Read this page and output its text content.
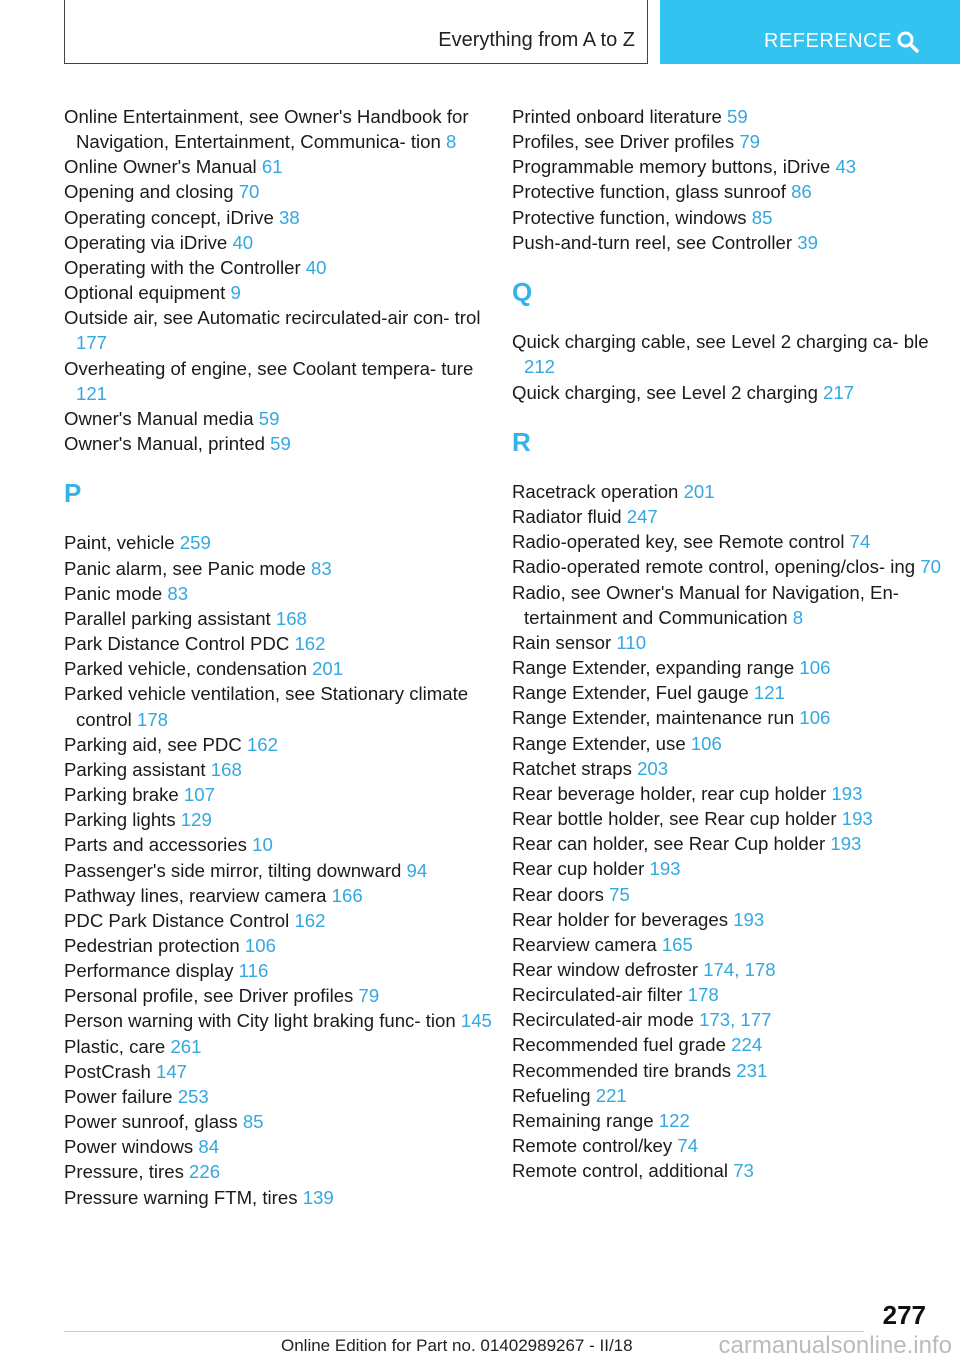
Everything from A to Z	REFERENCE
Online Entertainment, see Owner's Handbook for Navigation, Entertainment, Communica‐ tion 8
Online Owner's Manual 61
Opening and closing 70
Operating concept, iDrive 38
Operating via iDrive 40
Operating with the Controller 40
Optional equipment 9
Outside air, see Automatic recirculated-air con‐ trol 177
Overheating of engine, see Coolant tempera‐ ture 121
Owner's Manual media 59
Owner's Manual, printed 59
P
Paint, vehicle 259
Panic alarm, see Panic mode 83
Panic mode 83
Parallel parking assistant 168
Park Distance Control PDC 162
Parked vehicle, condensation 201
Parked vehicle ventilation, see Stationary climate control 178
Parking aid, see PDC 162
Parking assistant 168
Parking brake 107
Parking lights 129
Parts and accessories 10
Passenger's side mirror, tilting downward 94
Pathway lines, rearview camera 166
PDC Park Distance Control 162
Pedestrian protection 106
Performance display 116
Personal profile, see Driver profiles 79
Person warning with City light braking func‐ tion 145
Plastic, care 261
PostCrash 147
Power failure 253
Power sunroof, glass 85
Power windows 84
Pressure, tires 226
Pressure warning FTM, tires 139
Printed onboard literature 59
Profiles, see Driver profiles 79
Programmable memory buttons, iDrive 43
Protective function, glass sunroof 86
Protective function, windows 85
Push-and-turn reel, see Controller 39
Q
Quick charging cable, see Level 2 charging ca‐ ble 212
Quick charging, see Level 2 charging 217
R
Racetrack operation 201
Radiator fluid 247
Radio-operated key, see Remote control 74
Radio-operated remote control, opening/clos‐ ing 70
Radio, see Owner's Manual for Navigation, En‐ tertainment and Communication 8
Rain sensor 110
Range Extender, expanding range 106
Range Extender, Fuel gauge 121
Range Extender, maintenance run 106
Range Extender, use 106
Ratchet straps 203
Rear beverage holder, rear cup holder 193
Rear bottle holder, see Rear cup holder 193
Rear can holder, see Rear Cup holder 193
Rear cup holder 193
Rear doors 75
Rear holder for beverages 193
Rearview camera 165
Rear window defroster 174, 178
Recirculated-air filter 178
Recirculated-air mode 173, 177
Recommended fuel grade 224
Recommended tire brands 231
Refueling 221
Remaining range 122
Remote control/key 74
Remote control, additional 73
277
Online Edition for Part no. 01402989267 - II/18	carmanualsonline.info
